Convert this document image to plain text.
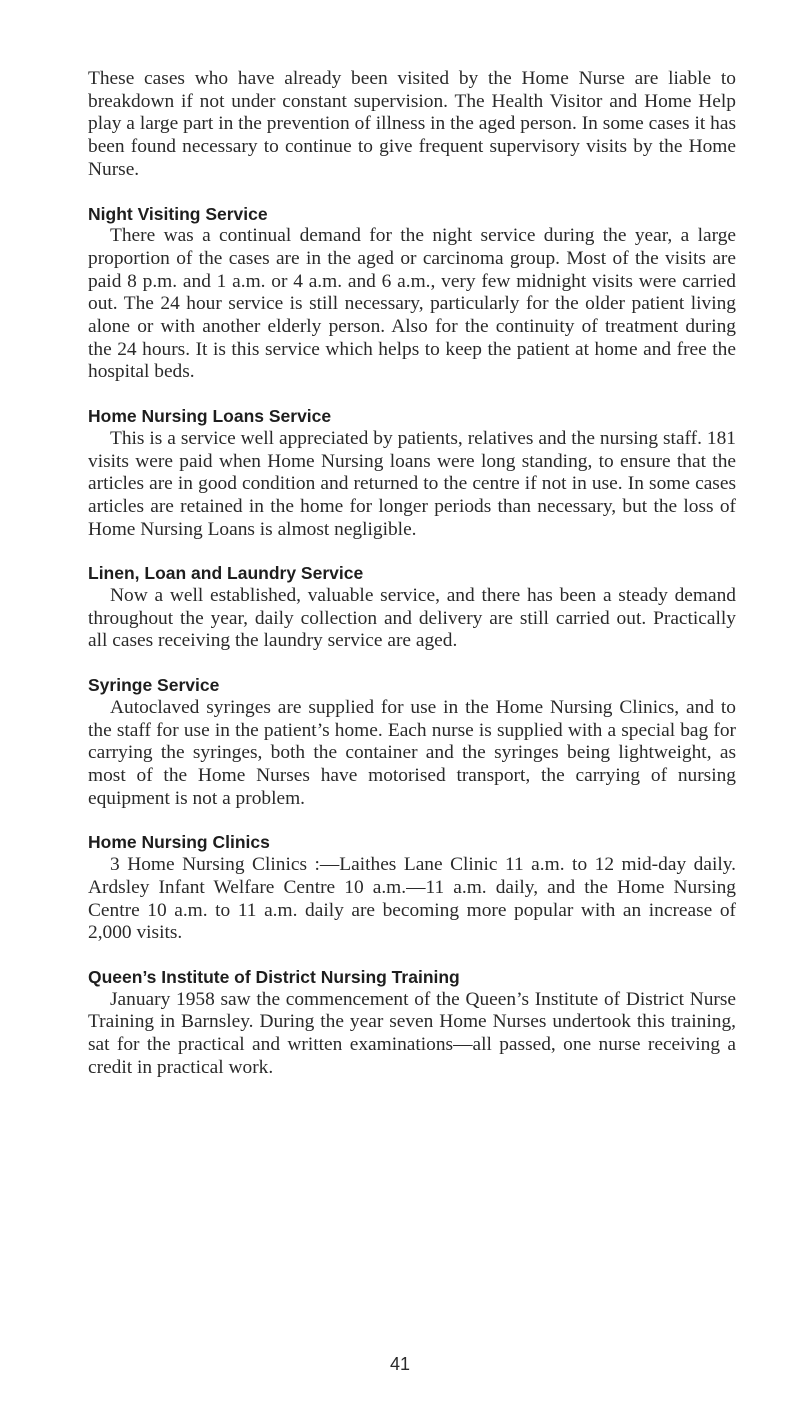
These cases who have already been visited by the Home Nurse are liable to breakdown if not under constant supervision. The Health Visitor and Home Help play a large part in the prevention of illness in the aged person. In some cases it has been found necessary to continue to give frequent supervisory visits by the Home Nurse.

Night Visiting Service

There was a continual demand for the night service during the year, a large proportion of the cases are in the aged or carcinoma group. Most of the visits are paid 8 p.m. and 1 a.m. or 4 a.m. and 6 a.m., very few midnight visits were carried out. The 24 hour service is still necessary, particularly for the older patient living alone or with another elderly person. Also for the continuity of treatment during the 24 hours. It is this service which helps to keep the patient at home and free the hospital beds.

Home Nursing Loans Service

This is a service well appreciated by patients, relatives and the nursing staff. 181 visits were paid when Home Nursing loans were long standing, to ensure that the articles are in good condition and returned to the centre if not in use. In some cases articles are retained in the home for longer periods than necessary, but the loss of Home Nursing Loans is almost negligible.

Linen, Loan and Laundry Service

Now a well established, valuable service, and there has been a steady demand throughout the year, daily collection and delivery are still carried out. Practically all cases receiving the laundry service are aged.

Syringe Service

Autoclaved syringes are supplied for use in the Home Nursing Clinics, and to the staff for use in the patient’s home. Each nurse is supplied with a special bag for carrying the syringes, both the container and the syringes being lightweight, as most of the Home Nurses have motorised transport, the carrying of nursing equipment is not a problem.

Home Nursing Clinics

3 Home Nursing Clinics :—Laithes Lane Clinic 11 a.m. to 12 mid-day daily. Ardsley Infant Welfare Centre 10 a.m.—11 a.m. daily, and the Home Nursing Centre 10 a.m. to 11 a.m. daily are becoming more popular with an increase of 2,000 visits.

Queen’s Institute of District Nursing Training

January 1958 saw the commencement of the Queen’s Institute of District Nurse Training in Barnsley. During the year seven Home Nurses undertook this training, sat for the practical and written examinations—all passed, one nurse receiving a credit in practical work.

41
